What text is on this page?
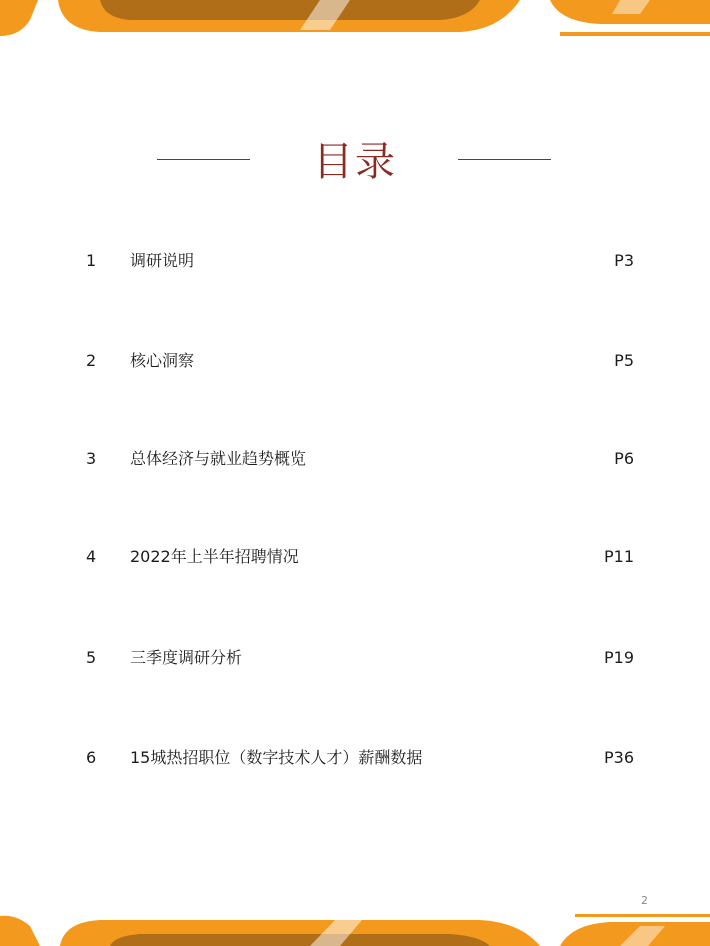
目录
1 调研说明	P3
2 核心洞察	P5
3 总体经济与就业趋势概览	P6
4 2022年上半年招聘情况	P11
5 三季度调研分析	P19
6 15城热招职位（数字技术人才）薪酬数据	P36
2
